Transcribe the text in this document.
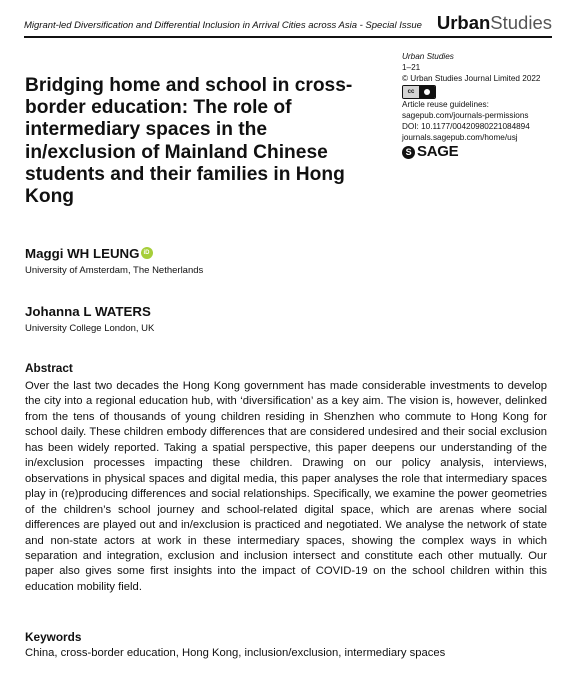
Migrant-led Diversification and Differential Inclusion in Arrival Cities across Asia - Special Issue UrbanStudies
Bridging home and school in cross-border education: The role of intermediary spaces in the in/exclusion of Mainland Chinese students and their families in Hong Kong
Urban Studies
1–21
© Urban Studies Journal Limited 2022
cc
Article reuse guidelines:
sagepub.com/journals-permissions
DOI: 10.1177/00420980221084894
journals.sagepub.com/home/usj
S SAGE
Maggi WH LEUNG iD
University of Amsterdam, The Netherlands
Johanna L WATERS
University College London, UK
Abstract

Over the last two decades the Hong Kong government has made considerable investments to develop the city into a regional education hub, with ‘diversification’ as a key aim. The vision is, however, delinked from the tens of thousands of young children residing in Shenzhen who commute to Hong Kong for school daily. These children embody differences that are considered undesired and their social exclusion has been widely reported. Taking a spatial perspective, this paper deepens our understanding of the in/exclusion processes impacting these children. Drawing on our policy analysis, interviews, observations in physical spaces and digital media, this paper analyses the role that intermediary spaces play in (re)producing differences and social relationships. Specifically, we examine the power geometries of the children’s school journey and school-related digital space, which are arenas where social differences are played out and in/exclusion is practiced and negotiated. We analyse the network of state and non-state actors at work in these intermediary spaces, showing the complex ways in which separation and integration, exclusion and inclusion intersect and constitute each other mutually. Our paper also gives some first insights into the impact of COVID-19 on the school children within this education mobility field.

Keywords

China, cross-border education, Hong Kong, inclusion/exclusion, intermediary spaces
